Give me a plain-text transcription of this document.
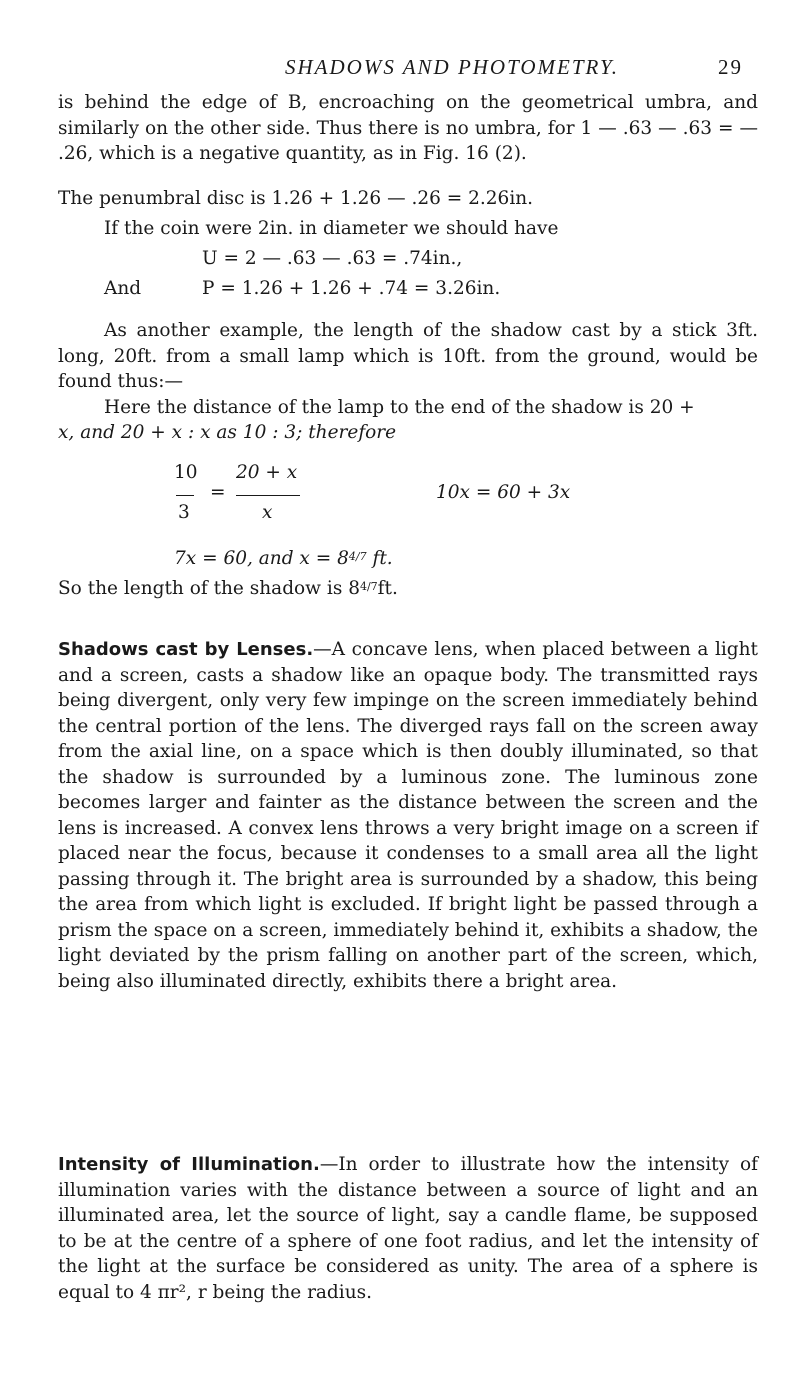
SHADOWS AND PHOTOMETRY.	29

is behind the edge of B, encroaching on the geometrical umbra, and similarly on the other side. Thus there is no umbra, for 1 — .63 — .63 = — .26, which is a negative quantity, as in Fig. 16 (2).

The penumbral disc is 1.26 + 1.26 — .26 = 2.26in.
If the coin were 2in. in diameter we should have
U = 2 — .63 — .63 = .74in.,
And	P = 1.26 + 1.26 + .74 = 3.26in.

As another example, the length of the shadow cast by a stick 3ft. long, 20ft. from a small lamp which is 10ft. from the ground, would be found thus:—

Here the distance of the lamp to the end of the shadow is 20 +
x, and 20 + x : x as 10 : 3; therefore
10
3
=
20 + x
x
10x = 60 + 3x
7x = 60, and $x = 8^{4/7}$ ft.
So the length of the shadow is $8^{4/7}ft$.

Shadows cast by Lenses.—A concave lens, when placed between a light and a screen, casts a shadow like an opaque body. The transmitted rays being divergent, only very few impinge on the screen immediately behind the central portion of the lens. The diverged rays fall on the screen away from the axial line, on a space which is then doubly illuminated, so that the shadow is surrounded by a luminous zone. The luminous zone becomes larger and fainter as the distance between the screen and the lens is increased. A convex lens throws a very bright image on a screen if placed near the focus, because it condenses to a small area all the light passing through it. The bright area is surrounded by a shadow, this being the area from which light is excluded. If bright light be passed through a prism the space on a screen, immediately behind it, exhibits a shadow, the light deviated by the prism falling on another part of the screen, which, being also illuminated directly, exhibits there a bright area.

Intensity of Illumination.—In order to illustrate how the intensity of illumination varies with the distance between a source of light and an illuminated area, let the source of light, say a candle flame, be supposed to be at the centre of a sphere of one foot radius, and let the intensity of the light at the surface be considered as unity. The area of a sphere is equal to 4 πr², r being the radius.
